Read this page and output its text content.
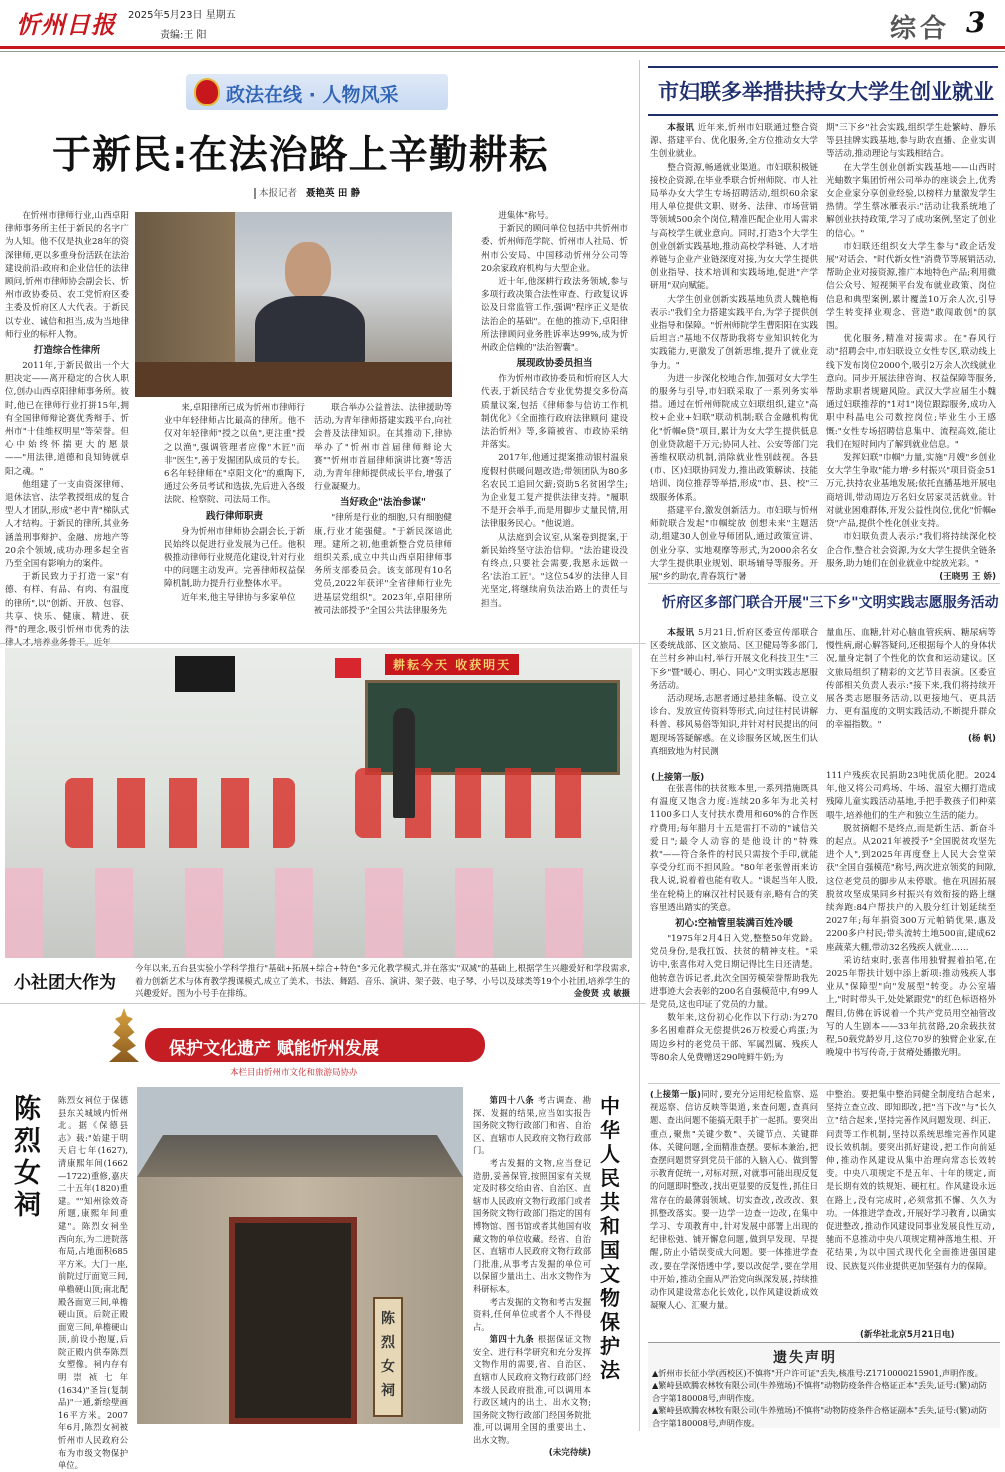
忻州日报 2025年5月23日 星期五
责编:王 阳	综合 3
政法在线 · 人物风采
于新民:在法治路上辛勤耕耘
本报记者 聂艳英 田 静

在忻州市律师行业,山西卓阳律师事务所主任于新民的名字广为人知。他不仅是执业28年的资深律师,更以多重身份活跃在法治建设前沿:政府和企业信任的法律顾问,忻州市律师协会副会长、忻州市政协委员、农工党忻府区委主委及忻府区人大代表。于新民以专业、诚信和担当,成为当地律师行业的标杆人物。

打造综合性律所

2011年,于新民做出一个大胆决定——离开稳定的合伙人职位,创办山西卓阳律师事务所。彼时,他已在律师行业打拼15年,拥有全国律师辩论赛优秀辩手、忻州市"十佳维权明星"等荣誉。但心中始终怀揣更大的愿景——"用法律,道德和良知铸就卓阳之魂。"

他组建了一支由资深律师、退休法官、法学教授组成的复合型人才团队,形成"老中青"梯队式人才结构。于新民的律所,其业务涵盖刑事辩护、金融、房地产等20余个领域,成功办理多起全省乃至全国有影响力的案件。

于新民致力于打造一家"有德、有样、有品、有肉、有温度的律所",以"创新、开放、包容、共享、快乐、健康、精进、获得"的理念,吸引忻州市优秀的法

来,卓阳律所已成为忻州市律师行业中年轻律师占比最高的律所。他不仅对年轻律师"授之以鱼",更注重"授之以渔",强调管理者应像"木匠"而非"医生",善于发掘团队成员的专长。6名年轻律师在"卓阳文化"的熏陶下,通过公务员考试和选拔,先后进入各级法院、检察院、司法局工作。

践行律师职责

身为忻州市律师协会副会长,于新民始终以促进行业发展为己任。他积极推动律师行业规范化建设,针对行业中的问题主动发声。完善律师权益保障机制,助力提升行业整体水平。

近年来,他主导律协与多家单位

联合举办公益普法、法律援助等活动,为青年律师搭建实践平台,向社会普及法律知识。在其推动下,律协举办了"忻州市首届律师辩论大赛""忻州市首届律师演讲比赛"等活动,为青年律师提供成长平台,增强了行业凝聚力。

当好政企"法治参谋"

"律所是行业的细胞,只有细胞健康,行业才能强健。"于新民深谙此理。建所之初,他重新整合党员律师组织关系,成立中共山西卓阳律师事务所支部委员会。该支部现有10名党员,2022年获评"全省律师行业先进基层党组织"。2023年,卓阳律所被司法部授予"全国公共法律服务先

进集体"称号。

于新民的顾问单位包括中共忻州市委、忻州师范学院、忻州市人社局、忻州市公安局、中国移动忻州分公司等20余家政府机构与大型企业。

近十年,他深耕行政法务领域,参与多项行政决策合法性审查、行政复议诉讼及日常监管工作,强调"程序正义是依法治企的基础"。在他的推动下,卓阳律所法律顾问业务胜诉率达99%,成为忻州政企信赖的"法治智囊"。

展现政协委员担当

作为忻州市政协委员和忻府区人大代表,于新民结合专业优势提交多份高质量议案,包括《律师参与信访工作机制优化》《全面推行政府法律顾问 建设法治忻州》等,多篇被省、市政协采纳并落实。

2017年,他通过提案推动银村温泉度假村供暖问题改造;带领团队为80多名农民工追回欠薪;资助5名贫困学生;为企业复工复产提供法律支持。"履职不是开会举手,而是用脚步丈量民情,用法律服务民心。"他说道。

从法庭到会议室,从案卷到提案,于新民始终坚守法治信仰。"法治建设没有终点,只要社会需要,我愿永远做一名'法治工匠'。"这位54岁的法律人目光坚定,将继续肩负法治路上的责任与担当。

市妇联多举措扶持女大学生创业就业

本报讯 近年来,忻州市妇联通过整合资源、搭建平台、优化服务,全方位推动女大学生创业就业。

整合资源,畅通就业渠道。市妇联积极链接校企资源,在毕业季联合忻州师院、市人社局举办女大学生专场招聘活动,组织60余家用人单位提供文职、财务、法律、市场营销等领域500余个岗位,精准匹配企业用人需求与高校学生就业意向。同时,打造3个大学生创业创新实践基地,推动高校学科链、人才培养链与企业产业链深度对接,为女大学生提供创业指导、技术培训和实践场地,促进"产学研用"双向赋能。

大学生创业创新实践基地负责人魏艳梅表示:"我们全力搭建实践平台,为学子提供创业指导和保障。"忻州师院学生曹阳阳在实践后坦言:"基地不仅帮助我将专业知识转化为实践能力,更激发了创新思维,提升了就业竞争力。"

为进一步深化校地合作,加强对女大学生的服务与引导,市妇联采取了一系列务实举措。通过在忻州师院成立妇联组织,建立"高校+企业+妇联"联动机制;联合金融机构优化"忻帼e贷"项目,累计为女大学生提供低息创业贷款超千万元;协同人社、公安等部门完善维权联动机制,消除就业性别歧视。各县(市、区)妇联协同发力,推出政策解读、技能培训、岗位推荐等举措,形成"市、县、校"三级服务体系。

搭建平台,激发创新活力。市妇联与忻州师院联合发起"巾帼绽放 创想未来"主题活动,组建30人创业导师团队,通过政策宣讲、创业分享、实地观摩等形式,为2000余名女大学生提供职业规划、职场辅导等服务。开展"乡约助农,青春筑行"暑

期"三下乡"社会实践,组织学生赴繁峙、静乐等县挂牌实践基地,参与助农直播、企业实训等活动,推动理论与实践相结合。

在大学生创业创新实践基地——山西时光蚰数字集团忻州公司举办的座谈会上,优秀女企业家分享创业经验,以榜样力量激发学生热情。学生蔡冰雁表示:"活动让我系统地了解创业扶持政策,学习了成功案例,坚定了创业的信心。"

市妇联还组织女大学生参与"政企话发展"对话会、"时代新女性"消费节等展销活动,帮助企业对接资源,推广本地特色产品;利用微信公众号、短视频平台发布就业政策、岗位信息和典型案例,累计覆盖10万余人次,引导学生转变择业观念、营造"敢闯敢创"的氛围。

优化服务,精准对接需求。在"春风行动"招聘会中,市妇联设立女性专区,联动线上线下发布岗位2000个,吸引2万余人次线就业意向。同步开展法律咨询、权益保障等服务,帮助求职者规避风险。武汉大学应届生小魏通过妇联推荐的"1对1"岗位跟踪服务,成功入职中科晶电公司数控岗位;毕业生小王感慨:"女性专场招聘信息集中、流程高效,能让我们在短时间内了解到就业信息。"

发挥妇联"巾帼"力量,实施"月嫂"乡创业女大学生争取"能力增·乡村振兴"项目资金51万元,扶持农业基地发展;依托直播基地开展电商培训,带动周边万名妇女居家灵活就业。针对就业困难群体,开发公益性岗位,优化"忻帼e贷"产品,提供个性化创业支持。

市妇联负责人表示:"我们将持续深化校企合作,整合社会资源,为女大学生提供全链条服务,助力她们在创业就业中绽放光彩。"

(王晓男 王 娇)

忻府区多部门联合开展"三下乡"文明实践志愿服务活动

本报讯 5月21日,忻府区委宣传部联合区委统战部、区文旅局、区卫健局等多部门,在兰村乡神山村,举行开展文化科技卫生"三下乡"暨"暖心、明心、同心"文明实践志愿服务活动。

活动现场,志愿者通过悬挂条幅、设立义诊台、发放宣传资料等形式,向过往村民讲解科普、移风易俗等知识,并针对村民提出的问题现场答疑解惑。在义诊服务区域,医生们认真细致地为村民测

量血压、血糖,针对心脑血管疾病、糖尿病等慢性病,耐心解答疑问,还根据每个人的身体状况,量身定制了个性化的饮食和运动建议。区文旅局组织了精彩的文艺节目表演。区委宣传部相关负责人表示:"接下来,我们将持续开展各类志愿服务活动,以更接地气、更具活力、更有温度的文明实践活动,不断提升群众的幸福指数。"

(杨 帆)

耕耘今天 收获明天
小社团大作为
今年以来,五台县实验小学科学推行"基础+拓展+综合+特色"多元化教学模式,并在落实"双减"的基础上,根据学生兴趣爱好和学段需求,着力创新艺术与体育教学搜课模式,成立了美术、书法、舞蹈、音乐、演讲、架子鼓、电子琴、小号以及球类等19个小社团,培养学生的兴趣爱好。图为小号手在排练。	金俊贤 戎 敏摄
(上接第一版)

在张喜伟的扶贫账本里,一系列措施既具有温度又饱含力度:连续20多年为北关村1100多口人支付扶水费用和60%的合作医疗费用;每年腊月十五是雷打不动的"诚信关爱日";最令人动容的是他设计的"特殊救"——符合条件的村民只需按个手印,就能享受分红而不担风险。"80年老张曾雨来访我人说,说着着也能有收人。"谈起当年人股,坐在轮椅上的麻汉社村民聂有亲,略有合的笑容里透出踏实的笑意。

初心:空袖管里装满百姓冷暖

"1975年2月4日入党,整整50年党龄。党员身份,是我扛饭、扶贫的精神支柱。"采访中,张喜伟对入党日期记得比生日还清楚。他转意告诉记者,此次全国劳模荣誉帮助我先进事迹大会表彰的200名自强模范中,有99人是党员,这也印证了党员的力量。

数年来,这份初心化作以下行动:为270多名困难群众无偿提供26万校爱心鸡蛋;为周边乡村的老党员干部、军属烈属、残疾人等80余人免费赠送290吨鲜牛奶;为

111户残疾农民捐助23吨优质化肥。2024年,他又将公司鸡场、牛场、温室大棚打造成残障儿童实践活动基地,手把手教孩子们种菜喂牛,培养他们的生产和独立生活的能力。

脱贫摘帽不是终点,而是新生活、新奋斗的起点。从2021年被授予"全国脱贫攻坚先进个人",到2025年再度登上人民大会堂荣获"全国自强模范"称号,两次进京领奖的间隙,这位老党员的脚步从未停歇。他在巩固拓展脱贫攻坚成果同乡村振兴有效衔接的路上继续奔跑:84户帮扶户的入股分红计划延续至2027年;每年捐资300万元帕销优果,惠及2200多户村民;带头流转土地500亩,建成62座蔬菜大棚,带动32名残疾人就业……

采访结束时,张喜伟用独臂握着拍笔,在2025年帮扶计划中添上新项:推动残疾人事业从"保障型"向"发展型"转变。办公室墙上,"时时带头干,处处紧跟党"的红色标语格外醒目,仿佛在诉说着一个共产党员用空袖管改写的人生剧本——33年抗贫路,20余载扶贫程,50载党龄岁月,这位70岁的独臂企业家,在晚境中书写传奇,于贫瘠处播撒光明。

保护文化遗产 赋能忻州发展
本栏目由忻州市文化和旅游局协办
陈烈女祠
陈烈女祠位于保德县东关城域内忻州北。据《保德县志》载:"始建于明天启七年(1627),清康熙年间(1662—1722)重修,嘉庆二十五年(1820)重建。""知州徐效奇所题,康熙年间重建"。陈烈女祠坐西向东,为二进院落布局,占地面积685平方米。大门一座,前院过厅面宽三间,单檐硬山顶;南北配殿各面宽三间,单檐硬山顶。后院正殿面宽三间,单檐硬山顶,前设小抱厦,后院正殿内供奉陈烈女塑像。祠内存有明崇祯七年(1634)"圣旨(复制品)"一通,新绘壁画16平方米。2007年6月,陈烈女祠被忻州市人民政府公布为市级文物保护单位。
陈烈女祠

第四十八条 考古调查、勘探、发掘的结果,应当如实报告国务院文物行政部门和省、自治区、直辖市人民政府文物行政部门。

考古发掘的文物,应当登记造册,妥善保管,按照国家有关规定及时移交给由省、自治区、直辖市人民政府文物行政部门或者国务院文物行政部门指定的国有博物馆、图书馆或者其他国有收藏文物的单位收藏。经省、自治区、直辖市人民政府文物行政部门批准,从事考古发掘的单位可以保留少量出土、出水文物作为科研标本。

考古发掘的文物和考古发掘资料,任何单位或者个人不得侵占。

第四十九条 根据保证文物安全、进行科学研究和充分发挥文物作用的需要,省、自治区、直辖市人民政府文物行政部门经本级人民政府批准,可以调用本行政区域内的出土、出水文物;国务院文物行政部门经国务院批准,可以调用全国的重要出土、出水文物。

(未完待续)

中华人民共和国文物保护法

(上接第一版)同时,要充分运用纪检监察、巡视巡察、信访反映等渠道,来查问题,查真问题、查出问题不能搞无限手扩一起抓。要突出重点,聚焦"关键少数"、关键节点、关键群体、关键问题,全面精准查摆。要标本兼治,把查摆问题贯穿到党员干部的入脑入心、做到警示教育促统一,对标对照,对就事可能出现反复的问题即时整改,找出更显要的反复性,抓住日常存在的最薄弱领域、切实查改,改改改、狠抓整改落实。要一边学一边查一边改,在集中学习、专项教育中,针对发展中部署上出现的纪律松弛、铺开懈怠问题,做到早发现、早提醒,防止小错误变成大问题。要一体推进学查改,要在学深悟透中学,要以改促学,要在学用中开始,推动全面从严治党向纵深发展,持续推动作风建设常态化长效化,以作风建设新成效凝聚人心、汇聚力量。

中整治。要把集中整治同健全制度结合起来,坚持立查立改、即知即改,把"当下改"与"长久立"结合起来,坚持完善作风问题发现、纠正、问责等工作机制,坚持以系统思维完善作风建设长效机制。要突出抓好建设,把工作向前延伸,推动作风建设从集中治理向常态长效转变。中央八项规定不是五年、十年的规定,而是长期有效的铁规矩、硬杠杠。作风建设永远在路上,没有完成时,必须常抓不懈、久久为功。一体推进学查改,开展好学习教育,以确实促进整改,推动作风建设同事业发展良性互动,驰而不息推动中央八项规定精神落地生根、开花结果,为以中国式现代化全面推进强国建设、民族复兴伟业提供更加坚强有力的保障。

(新华社北京5月21日电)
遗失声明
▲忻州市长征小学(西校区)不慎将"开户许可证"丢失,核准号:Z1710000215901,声明作废。
▲繁峙县欧腾农林牧有限公司(牛养殖场)不慎将"动物防疫条件合格证正本"丢失,证号:(繁)动防合字第180008号,声明作废。
▲繁峙县欧腾农林牧有限公司(牛养殖场)不慎将"动物防疫条件合格证副本"丢失,证号:(繁)动防合字第180008号,声明作废。
